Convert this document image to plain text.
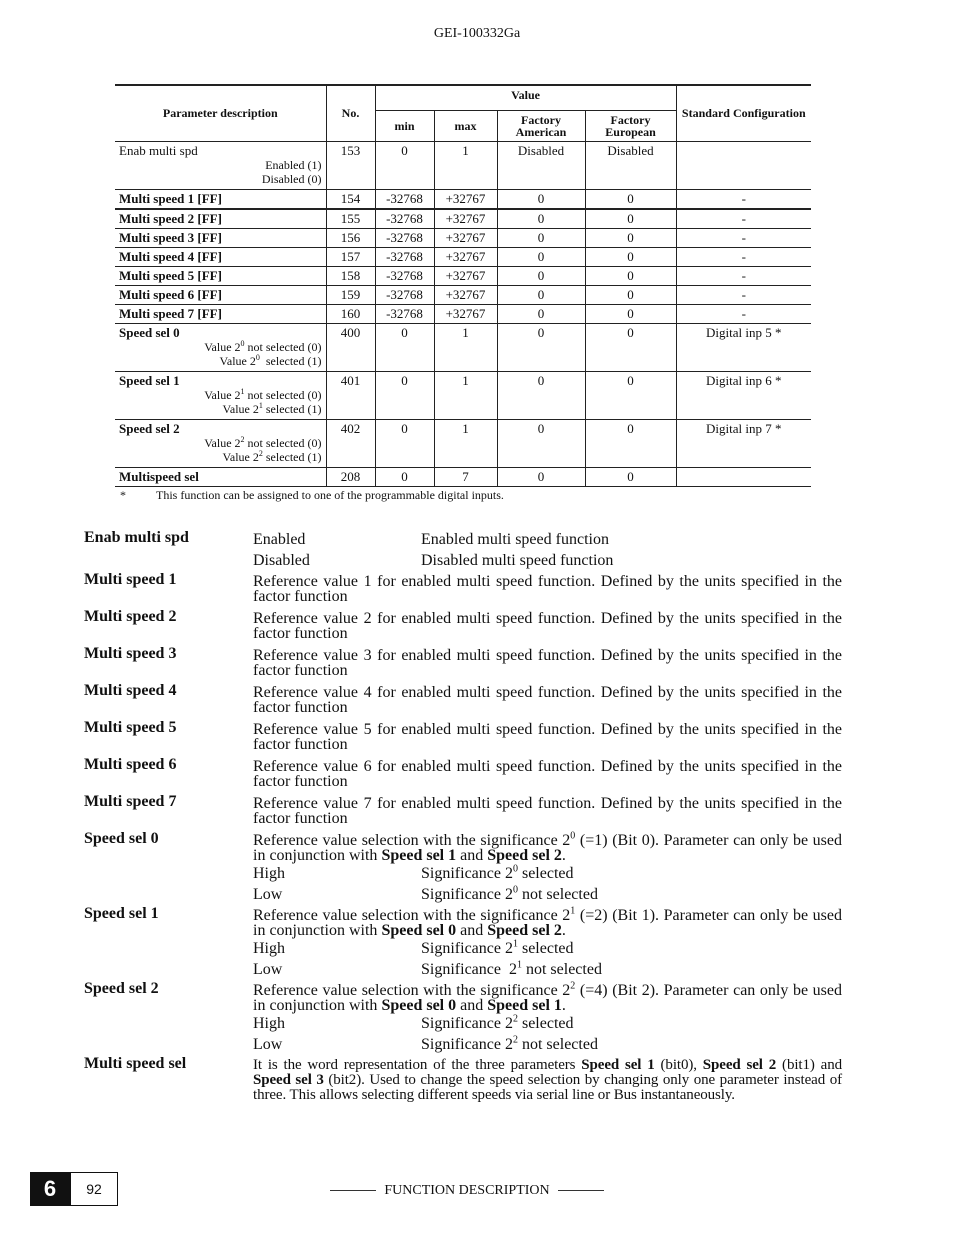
GEI-100332Ga
Parameter description	No.	Value				Standard Configuration
		min	max	Factory American	Factory European	

Enab multi spd
Enabled (1)
Disabled (0)	153	0	1	Disabled	Disabled	

Multi speed 1 [FF]	154	-32768	+32767	0	0	-

Multi speed 2 [FF]	155	-32768	+32767	0	0	-

Multi speed 3 [FF]	156	-32768	+32767	0	0	-

Multi speed 4 [FF]	157	-32768	+32767	0	0	-

Multi speed 5 [FF]	158	-32768	+32767	0	0	-

Multi speed 6 [FF]	159	-32768	+32767	0	0	-

Multi speed 7 [FF]	160	-32768	+32767	0	0	-

Speed sel 0
Value $2^0$ not selected (0)
Value $2^0$  selected (1)	400	0	1	0	0	Digital inp 5 *

Speed sel 1
Value $2^1$ not selected (0)
Value $2^1$ selected (1)	401	0	1	0	0	Digital inp 6 *

Speed sel 2
Value $2^2$ not selected (0)
Value $2^2$ selected (1)	402	0	1	0	0	Digital inp 7 *

Multispeed sel	208	0	7	0	0	
*	This function can be assigned to one of the programmable digital inputs.
Enab multi spd	Enabled	Enabled multi speed function
Disabled	Disabled multi speed function
Multi speed 1	Reference value 1 for enabled multi speed function. Defined by the units specified in the factor function
Multi speed 2	Reference value 2 for enabled multi speed function. Defined by the units specified in the factor function
Multi speed 3	Reference value 3 for enabled multi speed function. Defined by the units specified in the factor function
Multi speed 4	Reference value 4 for enabled multi speed function. Defined by the units specified in the factor function
Multi speed 5	Reference value 5 for enabled multi speed function. Defined by the units specified in the factor function
Multi speed 6	Reference value 6 for enabled multi speed function. Defined by the units specified in the factor function
Multi speed 7	Reference value 7 for enabled multi speed function. Defined by the units specified in the factor function
Speed sel 0	Reference value selection with the significance $2^0$ (=1) (Bit 0). Parameter can only be used in conjunction with Speed sel 1 and Speed sel 2.
High	Significance $2^0$ selected
Low	Significance $2^0$ not selected
Speed sel 1	Reference value selection with the significance $2^1$ (=2) (Bit 1). Parameter can only be used in conjunction with Speed sel 0 and Speed sel 2.
High	Significance $2^1$ selected
Low	Significance  $2^1$ not selected
Speed sel 2	Reference value selection with the significance $2^2$ (=4) (Bit 2). Parameter can only be used in conjunction with Speed sel 0 and Speed sel 1.
High	Significance $2^2$ selected
Low	Significance $2^2$ not selected
Multi speed sel	It is the word representation of the three parameters Speed sel 1 (bit0), Speed sel 2 (bit1) and Speed sel 3 (bit2). Used to change the speed selection by changing only one parameter instead of three. This allows selecting different speeds via serial line or Bus instantaneously.
6	92	FUNCTION DESCRIPTION
